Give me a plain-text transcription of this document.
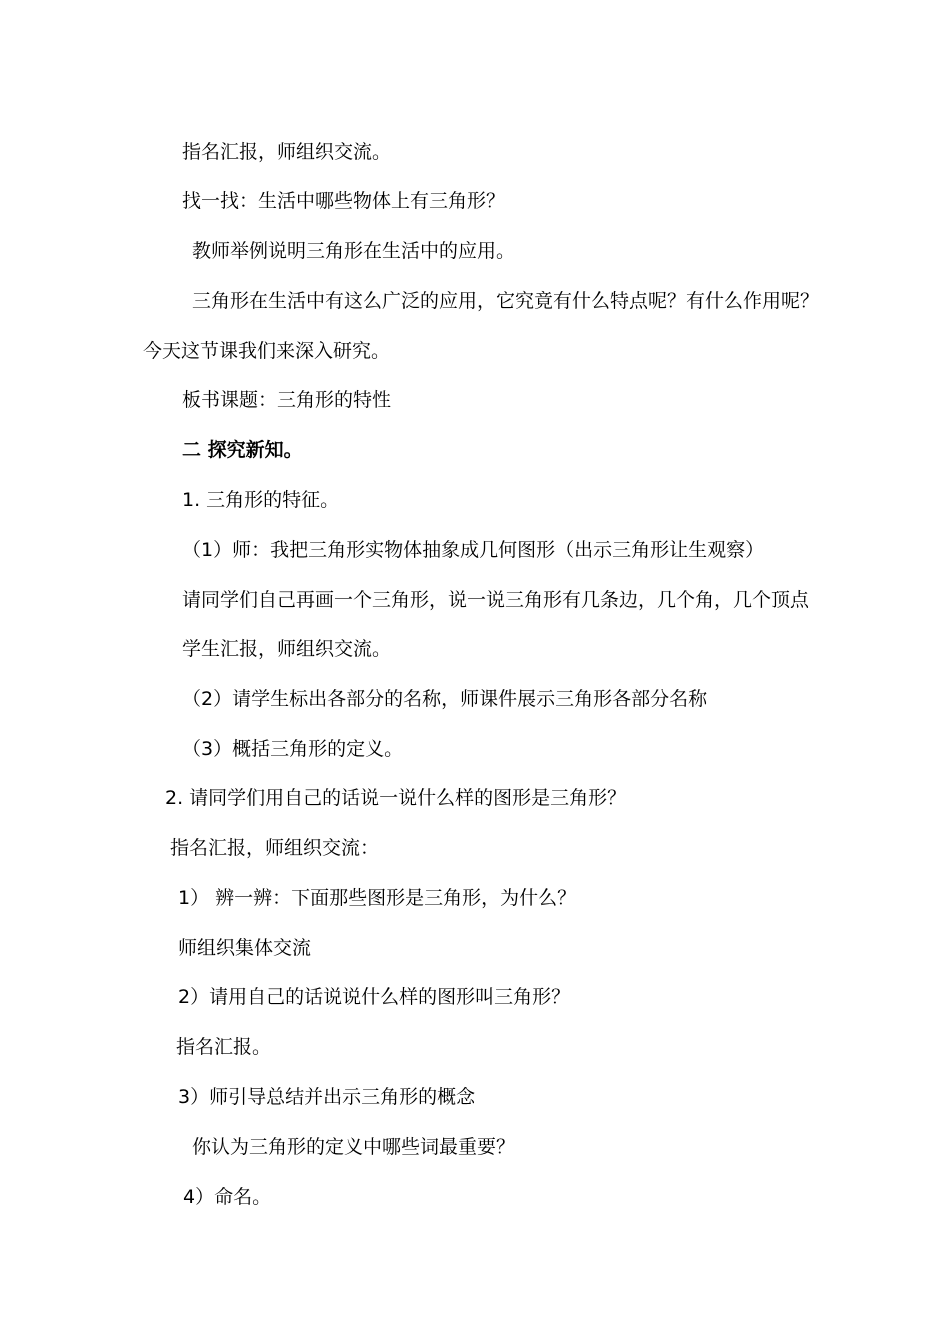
指名汇报，师组织交流。
找一找：生活中哪些物体上有三角形？
教师举例说明三角形在生活中的应用。
三角形在生活中有这么广泛的应用，它究竟有什么特点呢？有什么作用呢？
今天这节课我们来深入研究。
板书课题：三角形的特性
二 探究新知。
1. 三角形的特征。
（1）师：我把三角形实物体抽象成几何图形（出示三角形让生观察）
请同学们自己再画一个三角形，说一说三角形有几条边，几个角，几个顶点
学生汇报，师组织交流。
（2）请学生标出各部分的名称，师课件展示三角形各部分名称
（3）概括三角形的定义。
2. 请同学们用自己的话说一说什么样的图形是三角形？
指名汇报，师组织交流：
1） 辨一辨：下面那些图形是三角形，为什么？
师组织集体交流
2）请用自己的话说说什么样的图形叫三角形？
指名汇报。
3）师引导总结并出示三角形的概念
你认为三角形的定义中哪些词最重要？
4）命名。
